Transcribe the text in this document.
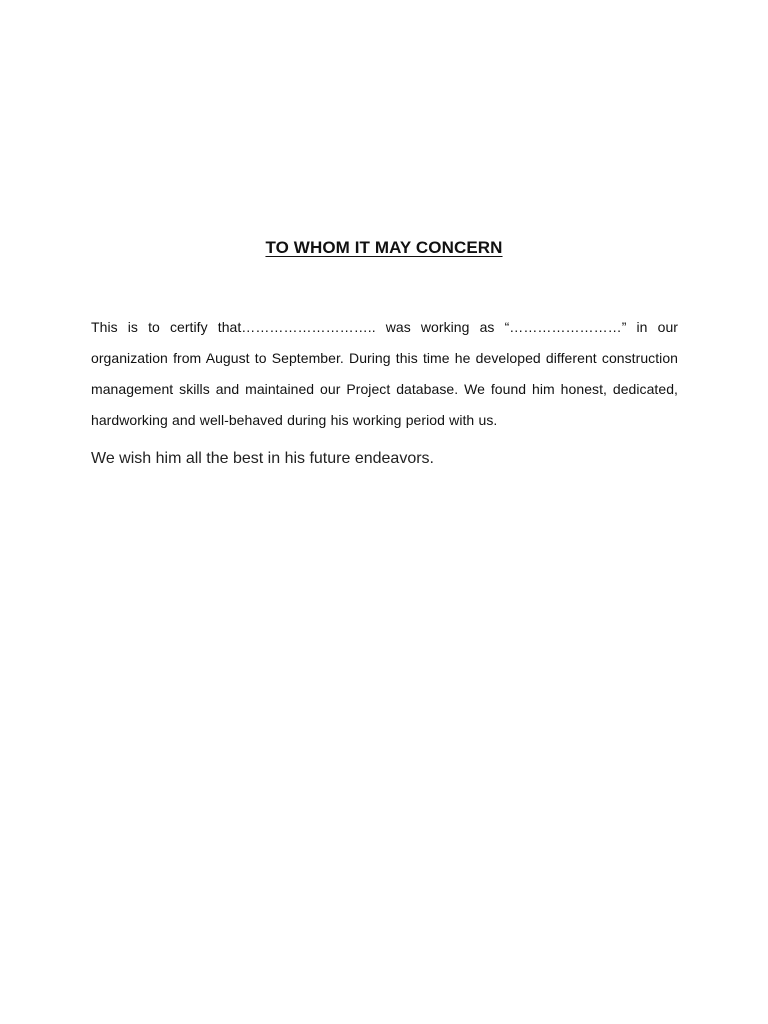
TO WHOM IT MAY CONCERN
This is to certify that……………………….. was working as “……………………” in our organization from August to September. During this time he developed different construction management skills and maintained our Project database. We found him honest, dedicated, hardworking and well-behaved during his working period with us.
We wish him all the best in his future endeavors.
